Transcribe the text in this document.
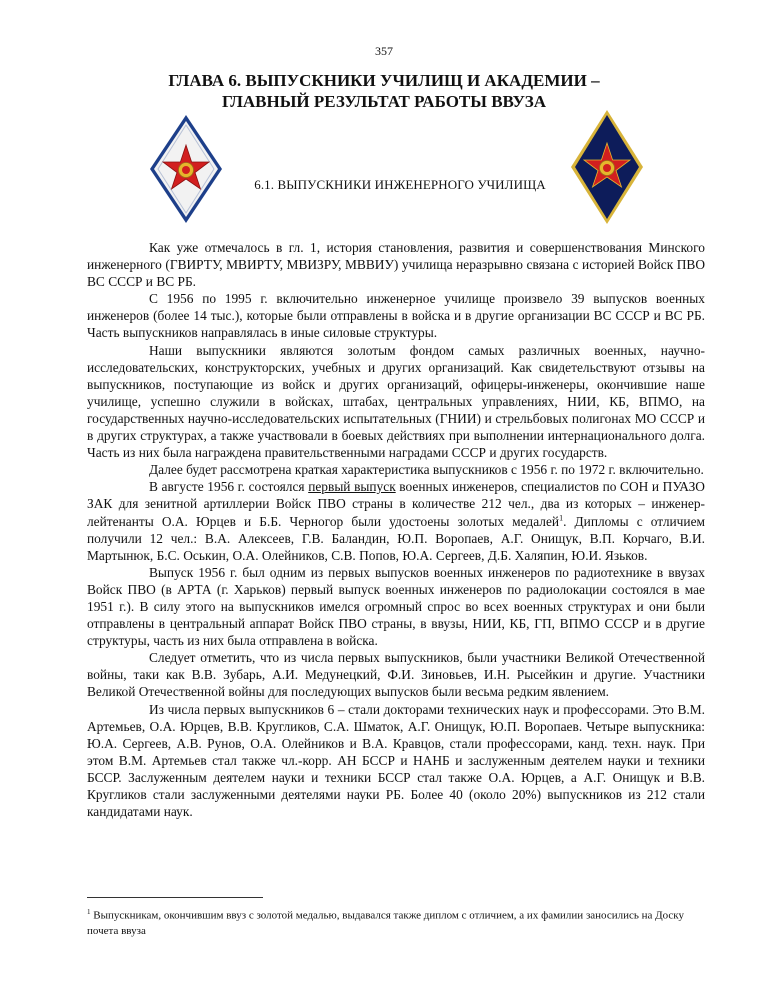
357
ГЛАВА 6. ВЫПУСКНИКИ УЧИЛИЩ И АКАДЕМИИ – ГЛАВНЫЙ РЕЗУЛЬТАТ РАБОТЫ ВВУЗА
6.1. ВЫПУСКНИКИ ИНЖЕНЕРНОГО УЧИЛИЩА

Как уже отмечалось в гл. 1, история становления, развития и совершенствования Минского инженерного (ГВИРТУ, МВИРТУ, МВИЗРУ, МВВИУ) училища неразрывно связана с историей Войск ПВО ВС СССР и ВС РБ.

С 1956 по 1995 г. включительно инженерное училище произвело 39 выпусков военных инженеров (более 14 тыс.), которые были отправлены в войска и в другие организации ВС СССР и ВС РБ. Часть выпускников направлялась в иные силовые структуры.

Наши выпускники являются золотым фондом самых различных военных, научно-исследовательских, конструкторских, учебных и других организаций. Как свидетельствуют отзывы на выпускников, поступающие из войск и других организаций, офицеры-инженеры, окончившие наше училище, успешно служили в войсках, штабах, центральных управлениях, НИИ, КБ, ВПМО, на государственных научно-исследовательских испытательных (ГНИИ) и стрельбовых полигонах МО СССР и в других структурах, а также участвовали в боевых действиях при выполнении интернационального долга. Часть из них была награждена правительственными наградами СССР и других государств.

Далее будет рассмотрена краткая характеристика выпускников с 1956 г. по 1972 г. включительно.

В августе 1956 г. состоялся первый выпуск военных инженеров, специалистов по СОН и ПУАЗО ЗАК для зенитной артиллерии Войск ПВО страны в количестве 212 чел., два из которых – инженер-лейтенанты О.А. Юрцев и Б.Б. Черногор были удостоены золотых медалей$^1$. Дипломы с отличием получили 12 чел.: В.А. Алексеев, Г.В. Баландин, Ю.П. Воропаев, А.Г. Онищук, В.П. Корчаго, В.И. Мартынюк, Б.С. Оськин, О.А. Олейников, С.В. Попов, Ю.А. Сергеев, Д.Б. Халяпин, Ю.И. Язьков.

Выпуск 1956 г. был одним из первых выпусков военных инженеров по радиотехнике в ввузах Войск ПВО (в АРТА (г. Харьков) первый выпуск военных инженеров по радиолокации состоялся в мае 1951 г.). В силу этого на выпускников имелся огромный спрос во всех военных структурах и они были отправлены в центральный аппарат Войск ПВО страны, в ввузы, НИИ, КБ, ГП, ВПМО СССР и в другие структуры, часть из них была отправлена в войска.

Следует отметить, что из числа первых выпускников, были участники Великой Отечественной войны, таки как В.В. Зубарь, А.И. Медунецкий, Ф.И. Зиновьев, И.Н. Рысейкин и другие. Участники Великой Отечественной войны для последующих выпусков были весьма редким явлением.

Из числа первых выпускников 6 – стали докторами технических наук и профессорами. Это В.М. Артемьев, О.А. Юрцев, В.В. Кругликов, С.А. Шматок, А.Г. Онищук, Ю.П. Воропаев. Четыре выпускника: Ю.А. Сергеев, А.В. Рунов, О.А. Олейников и В.А. Кравцов, стали профессорами, канд. техн. наук. При этом В.М. Артемьев стал также чл.-корр. АН БССР и НАНБ и заслуженным деятелем науки и техники БССР. Заслуженным деятелем науки и техники БССР стал также О.А. Юрцев, а А.Г. Онищук и В.В. Кругликов стали заслуженными деятелями науки РБ. Более 40 (около 20%) выпускников из 212 стали кандидатами наук.

$^1$ Выпускникам, окончившим ввуз с золотой медалью, выдавался также диплом с отличием, а их фамилии заносились на Доску почета ввуза
